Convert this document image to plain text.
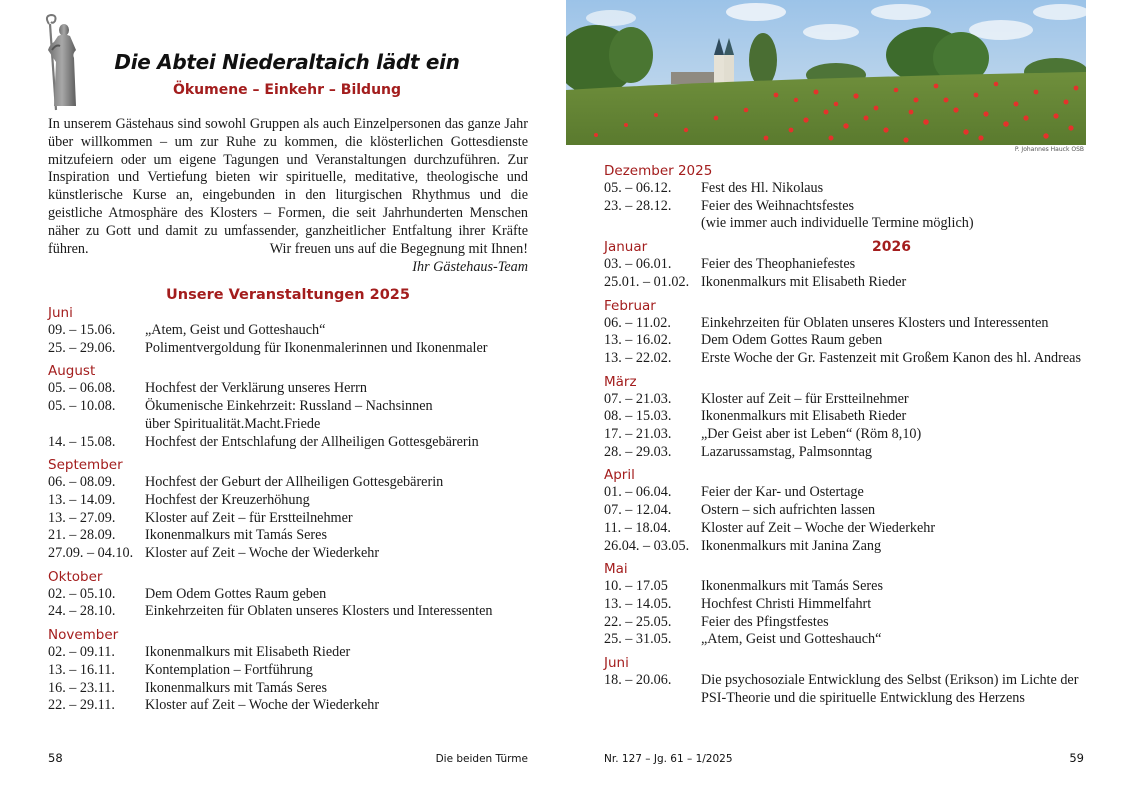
Die Abtei Niederaltaich lädt ein
Ökumene – Einkehr – Bildung

In unserem Gästehaus sind sowohl Gruppen als auch Einzelpersonen das ganze Jahr über willkommen – um zur Ruhe zu kommen, die klösterlichen Gottesdienste mitzufeiern oder um eigene Tagungen und Veranstaltungen durchzuführen. Zur Inspiration und Vertiefung bieten wir spirituelle, meditative, theologische und künstlerische Kurse an, eingebunden in den liturgischen Rhythmus und die geistliche Atmosphäre des Klosters – Formen, die seit Jahrhunderten Menschen näher zu Gott und damit zu umfassender, ganzheitlicher Entfaltung ihrer Kräfte führen.	Wir freuen uns auf die Begegnung mit Ihnen!
Ihr Gästehaus-Team
Unsere Veranstaltungen 2025
Juni
09. – 15.06.	„Atem, Geist und Gotteshauch“
25. – 29.06.	Polimentvergoldung für Ikonenmalerinnen und Ikonenmaler
August
05. – 06.08.	Hochfest der Verklärung unseres Herrn
05. – 10.08.	Ökumenische Einkehrzeit: Russland – Nachsinnen
über Spiritualität.Macht.Friede
14. – 15.08.	Hochfest der Entschlafung der Allheiligen Gottesgebärerin
September
06. – 08.09.	Hochfest der Geburt der Allheiligen Gottesgebärerin
13. – 14.09.	Hochfest der Kreuzerhöhung
13. – 27.09.	Kloster auf Zeit – für Erstteilnehmer
21. – 28.09.	Ikonenmalkurs mit Tamás Seres
27.09. – 04.10. Kloster auf Zeit – Woche der Wiederkehr
Oktober
02. – 05.10.	Dem Odem Gottes Raum geben
24. – 28.10.	Einkehrzeiten für Oblaten unseres Klosters und Interessenten
November
02. – 09.11.	Ikonenmalkurs mit Elisabeth Rieder
13. – 16.11.	Kontemplation – Fortführung
16. – 23.11.	Ikonenmalkurs mit Tamás Seres
22. – 29.11.	Kloster auf Zeit – Woche der Wiederkehr
58	Die beiden Türme
P. Johannes Hauck OSB
Dezember 2025
05. – 06.12.	Fest des Hl. Nikolaus
23. – 28.12.	Feier des Weihnachtsfestes
(wie immer auch individuelle Termine möglich)
Januar	2026
03. – 06.01.	Feier des Theophaniefestes
25.01. – 01.02. Ikonenmalkurs mit Elisabeth Rieder
Februar
06. – 11.02.	Einkehrzeiten für Oblaten unseres Klosters und Interessenten
13. – 16.02.	Dem Odem Gottes Raum geben
13. – 22.02.	Erste Woche der Gr. Fastenzeit mit Großem Kanon des hl. Andreas
März
07. – 21.03.	Kloster auf Zeit – für Erstteilnehmer
08. – 15.03.	Ikonenmalkurs mit Elisabeth Rieder
17. – 21.03.	„Der Geist aber ist Leben“ (Röm 8,10)
28. – 29.03.	Lazarussamstag, Palmsonntag
April
01. – 06.04.	Feier der Kar- und Ostertage
07. – 12.04.	Ostern – sich aufrichten lassen
11. – 18.04.	Kloster auf Zeit – Woche der Wiederkehr
26.04. – 03.05. Ikonenmalkurs mit Janina Zang
Mai
10. – 17.05	Ikonenmalkurs mit Tamás Seres
13. – 14.05.	Hochfest Christi Himmelfahrt
22. – 25.05.	Feier des Pfingstfestes
25. – 31.05.	„Atem, Geist und Gotteshauch“
Juni
18. – 20.06.	Die psychosoziale Entwicklung des Selbst (Erikson) im Lichte der
PSI-Theorie und die spirituelle Entwicklung des Herzens
Nr. 127 – Jg. 61 – 1/2025	59
